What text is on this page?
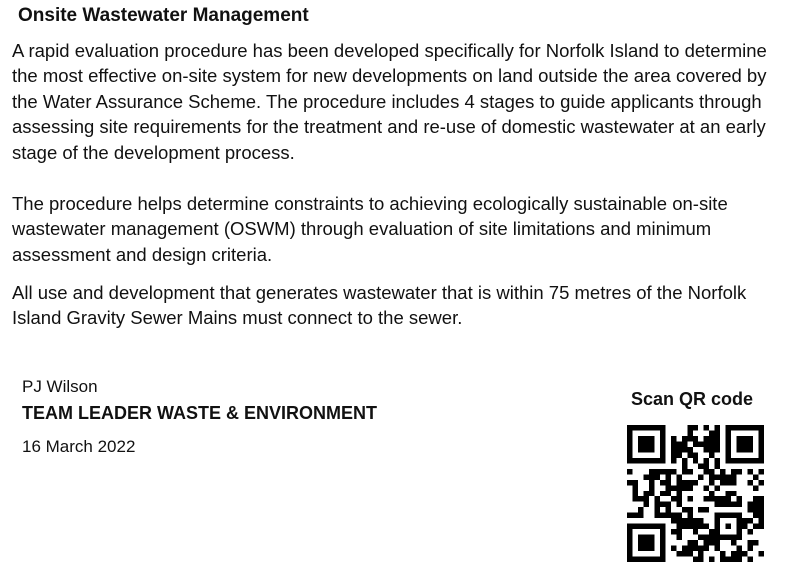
Onsite Wastewater Management

A rapid evaluation procedure has been developed specifically for Norfolk Island to determine the most effective on-site system for new developments on land outside the area covered by the Water Assurance Scheme. The procedure includes 4 stages to guide applicants through assessing site requirements for the treatment and re-use of domestic wastewater at an early stage of the development process.

The procedure helps determine constraints to achieving ecologically sustainable on-site wastewater management (OSWM) through evaluation of site limitations and minimum assessment and design criteria.

All use and development that generates wastewater that is within 75 metres of the Norfolk Island Gravity Sewer Mains must connect to the sewer.

PJ Wilson
TEAM LEADER WASTE & ENVIRONMENT
16 March 2022
Scan QR code
